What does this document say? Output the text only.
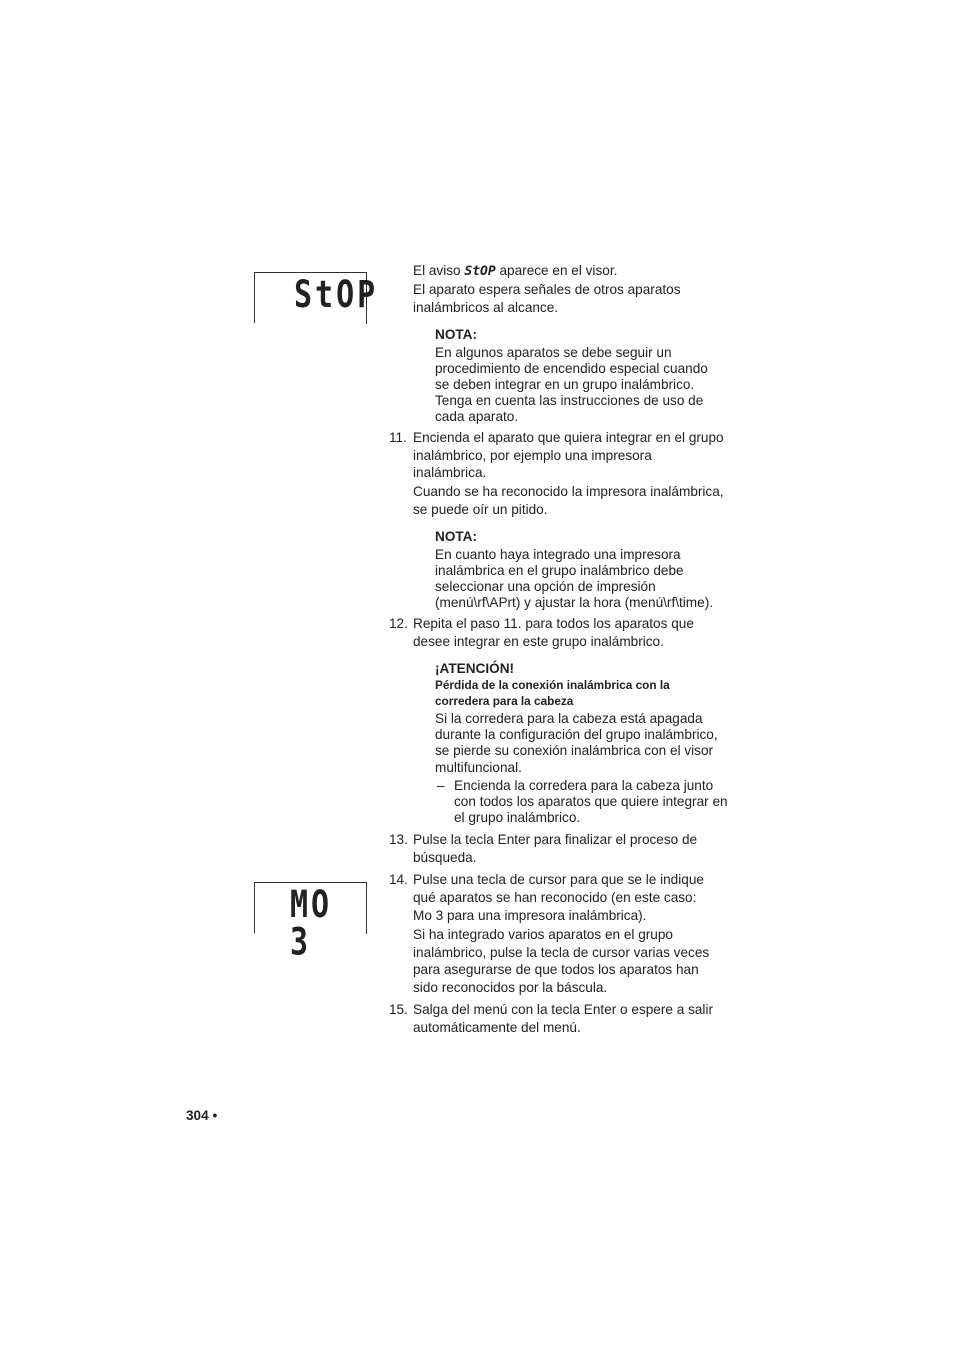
StOP
El aviso StOP aparece en el visor.
El aparato espera señales de otros aparatos
inalámbricos al alcance.
NOTA:
En algunos aparatos se debe seguir un
procedimiento de encendido especial cuando
se deben integrar en un grupo inalámbrico.
Tenga en cuenta las instrucciones de uso de
cada aparato.
11. Encienda el aparato que quiera integrar en el grupo
inalámbrico, por ejemplo una impresora
inalámbrica.
Cuando se ha reconocido la impresora inalámbrica,
se puede oír un pitido.
NOTA:
En cuanto haya integrado una impresora
inalámbrica en el grupo inalámbrico debe
seleccionar una opción de impresión
(menú\rf\APrt) y ajustar la hora (menú\rf\time).
12. Repita el paso 11. para todos los aparatos que
desee integrar en este grupo inalámbrico.
¡ATENCIÓN!
Pérdida de la conexión inalámbrica con la
corredera para la cabeza
Si la corredera para la cabeza está apagada
durante la configuración del grupo inalámbrico,
se pierde su conexión inalámbrica con el visor
multifuncional.
– Encienda la corredera para la cabeza junto
con todos los aparatos que quiere integrar en
el grupo inalámbrico.
13. Pulse la tecla Enter para finalizar el proceso de
búsqueda.
MO 3
14. Pulse una tecla de cursor para que se le indique
qué aparatos se han reconocido (en este caso:
Mo 3 para una impresora inalámbrica).
Si ha integrado varios aparatos en el grupo
inalámbrico, pulse la tecla de cursor varias veces
para asegurarse de que todos los aparatos han
sido reconocidos por la báscula.
15. Salga del menú con la tecla Enter o espere a salir
automáticamente del menú.
304 •
